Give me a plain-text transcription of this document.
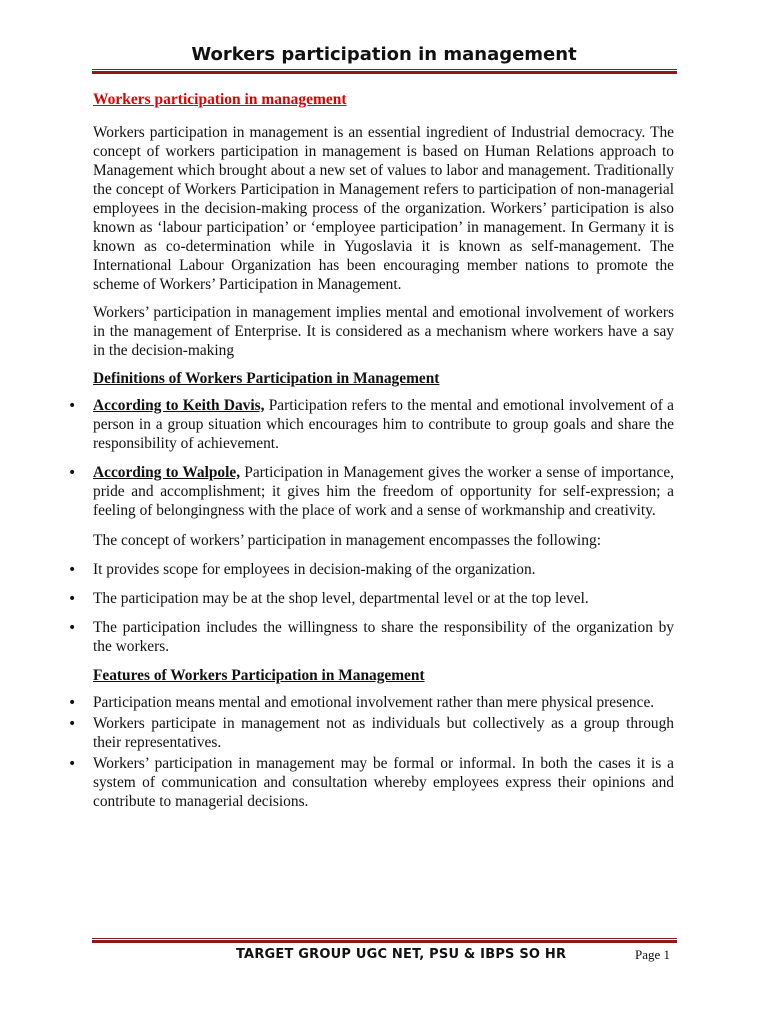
Workers participation in management
Workers participation in management

Workers participation in management is an essential ingredient of Industrial democracy. The concept of workers participation in management is based on Human Relations approach to Management which brought about a new set of values to labor and management. Traditionally the concept of Workers Participation in Management refers to participation of non-managerial employees in the decision-making process of the organization. Workers’ participation is also known as ‘labour participation’ or ‘employee participation’ in management. In Germany it is known as co-determination while in Yugoslavia it is known as self-management. The International Labour Organization has been encouraging member nations to promote the scheme of Workers’ Participation in Management.

Workers’ participation in management implies mental and emotional involvement of workers in the management of Enterprise. It is considered as a mechanism where workers have a say in the decision-making

Definitions of Workers Participation in Management
• According to Keith Davis, Participation refers to the mental and emotional involvement of a person in a group situation which encourages him to contribute to group goals and share the responsibility of achievement.
• According to Walpole, Participation in Management gives the worker a sense of importance, pride and accomplishment; it gives him the freedom of opportunity for self-expression; a feeling of belongingness with the place of work and a sense of workmanship and creativity.
The concept of workers’ participation in management encompasses the following:
• It provides scope for employees in decision-making of the organization.
• The participation may be at the shop level, departmental level or at the top level.
• The participation includes the willingness to share the responsibility of the organization by the workers.
Features of Workers Participation in Management
• Participation means mental and emotional involvement rather than mere physical presence.
• Workers participate in management not as individuals but collectively as a group through their representatives.
• Workers’ participation in management may be formal or informal. In both the cases it is a system of communication and consultation whereby employees express their opinions and contribute to managerial decisions.
TARGET GROUP UGC NET, PSU & IBPS SO HR	Page 1
